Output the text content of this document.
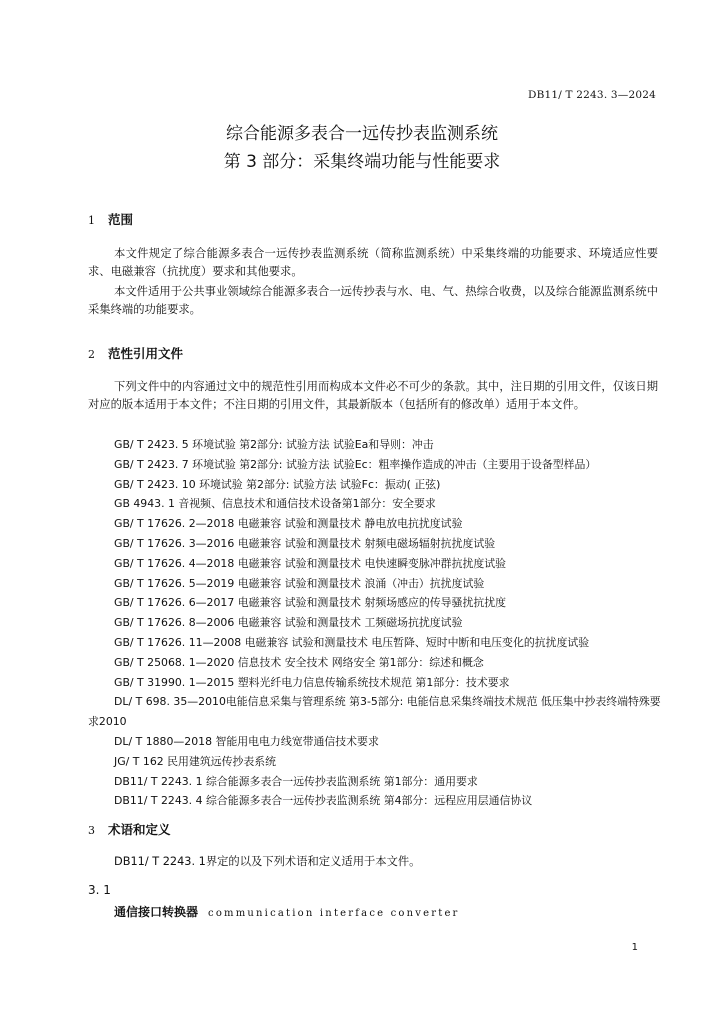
DB11/ T 2243. 3—2024
综合能源多表合一远传抄表监测系统
第 3 部分：采集终端功能与性能要求
1 范围
本文件规定了综合能源多表合一远传抄表监测系统（简称监测系统）中采集终端的功能要求、环境适应性要求、电磁兼容（抗扰度）要求和其他要求。
本文件适用于公共事业领域综合能源多表合一远传抄表与水、电、气、热综合收费，以及综合能源监测系统中采集终端的功能要求。
2 范性引用文件
下列文件中的内容通过文中的规范性引用而构成本文件必不可少的条款。其中，注日期的引用文件，仅该日期对应的版本适用于本文件；不注日期的引用文件，其最新版本（包括所有的修改单）适用于本文件。
GB/ T 2423. 5 环境试验 第2部分: 试验方法 试验Ea和导则：冲击
GB/ T 2423. 7 环境试验 第2部分: 试验方法 试验Ec：粗率操作造成的冲击（主要用于设备型样品）
GB/ T 2423. 10 环境试验 第2部分: 试验方法 试验Fc：振动( 正弦)
GB 4943. 1 音视频、信息技术和通信技术设备第1部分：安全要求
GB/ T 17626. 2—2018 电磁兼容 试验和测量技术 静电放电抗扰度试验
GB/ T 17626. 3—2016 电磁兼容 试验和测量技术 射频电磁场辐射抗扰度试验
GB/ T 17626. 4—2018 电磁兼容 试验和测量技术 电快速瞬变脉冲群抗扰度试验
GB/ T 17626. 5—2019 电磁兼容 试验和测量技术 浪涌（冲击）抗扰度试验
GB/ T 17626. 6—2017 电磁兼容 试验和测量技术 射频场感应的传导骚扰抗扰度
GB/ T 17626. 8—2006 电磁兼容 试验和测量技术 工频磁场抗扰度试验
GB/ T 17626. 11—2008 电磁兼容 试验和测量技术 电压暂降、短时中断和电压变化的抗扰度试验
GB/ T 25068. 1—2020 信息技术 安全技术 网络安全 第1部分：综述和概念
GB/ T 31990. 1—2015 塑料光纤电力信息传输系统技术规范 第1部分：技术要求
DL/ T 698. 35—2010电能信息采集与管理系统 第3-5部分: 电能信息采集终端技术规范 低压集中抄表终端特殊要求2010
DL/ T 1880—2018 智能用电电力线宽带通信技术要求
JG/ T 162 民用建筑远传抄表系统
DB11/ T 2243. 1 综合能源多表合一远传抄表监测系统 第1部分：通用要求
DB11/ T 2243. 4 综合能源多表合一远传抄表监测系统 第4部分：远程应用层通信协议
3 术语和定义
DB11/ T 2243. 1界定的以及下列术语和定义适用于本文件。
3. 1
通信接口转换器 communication interface converter
1
